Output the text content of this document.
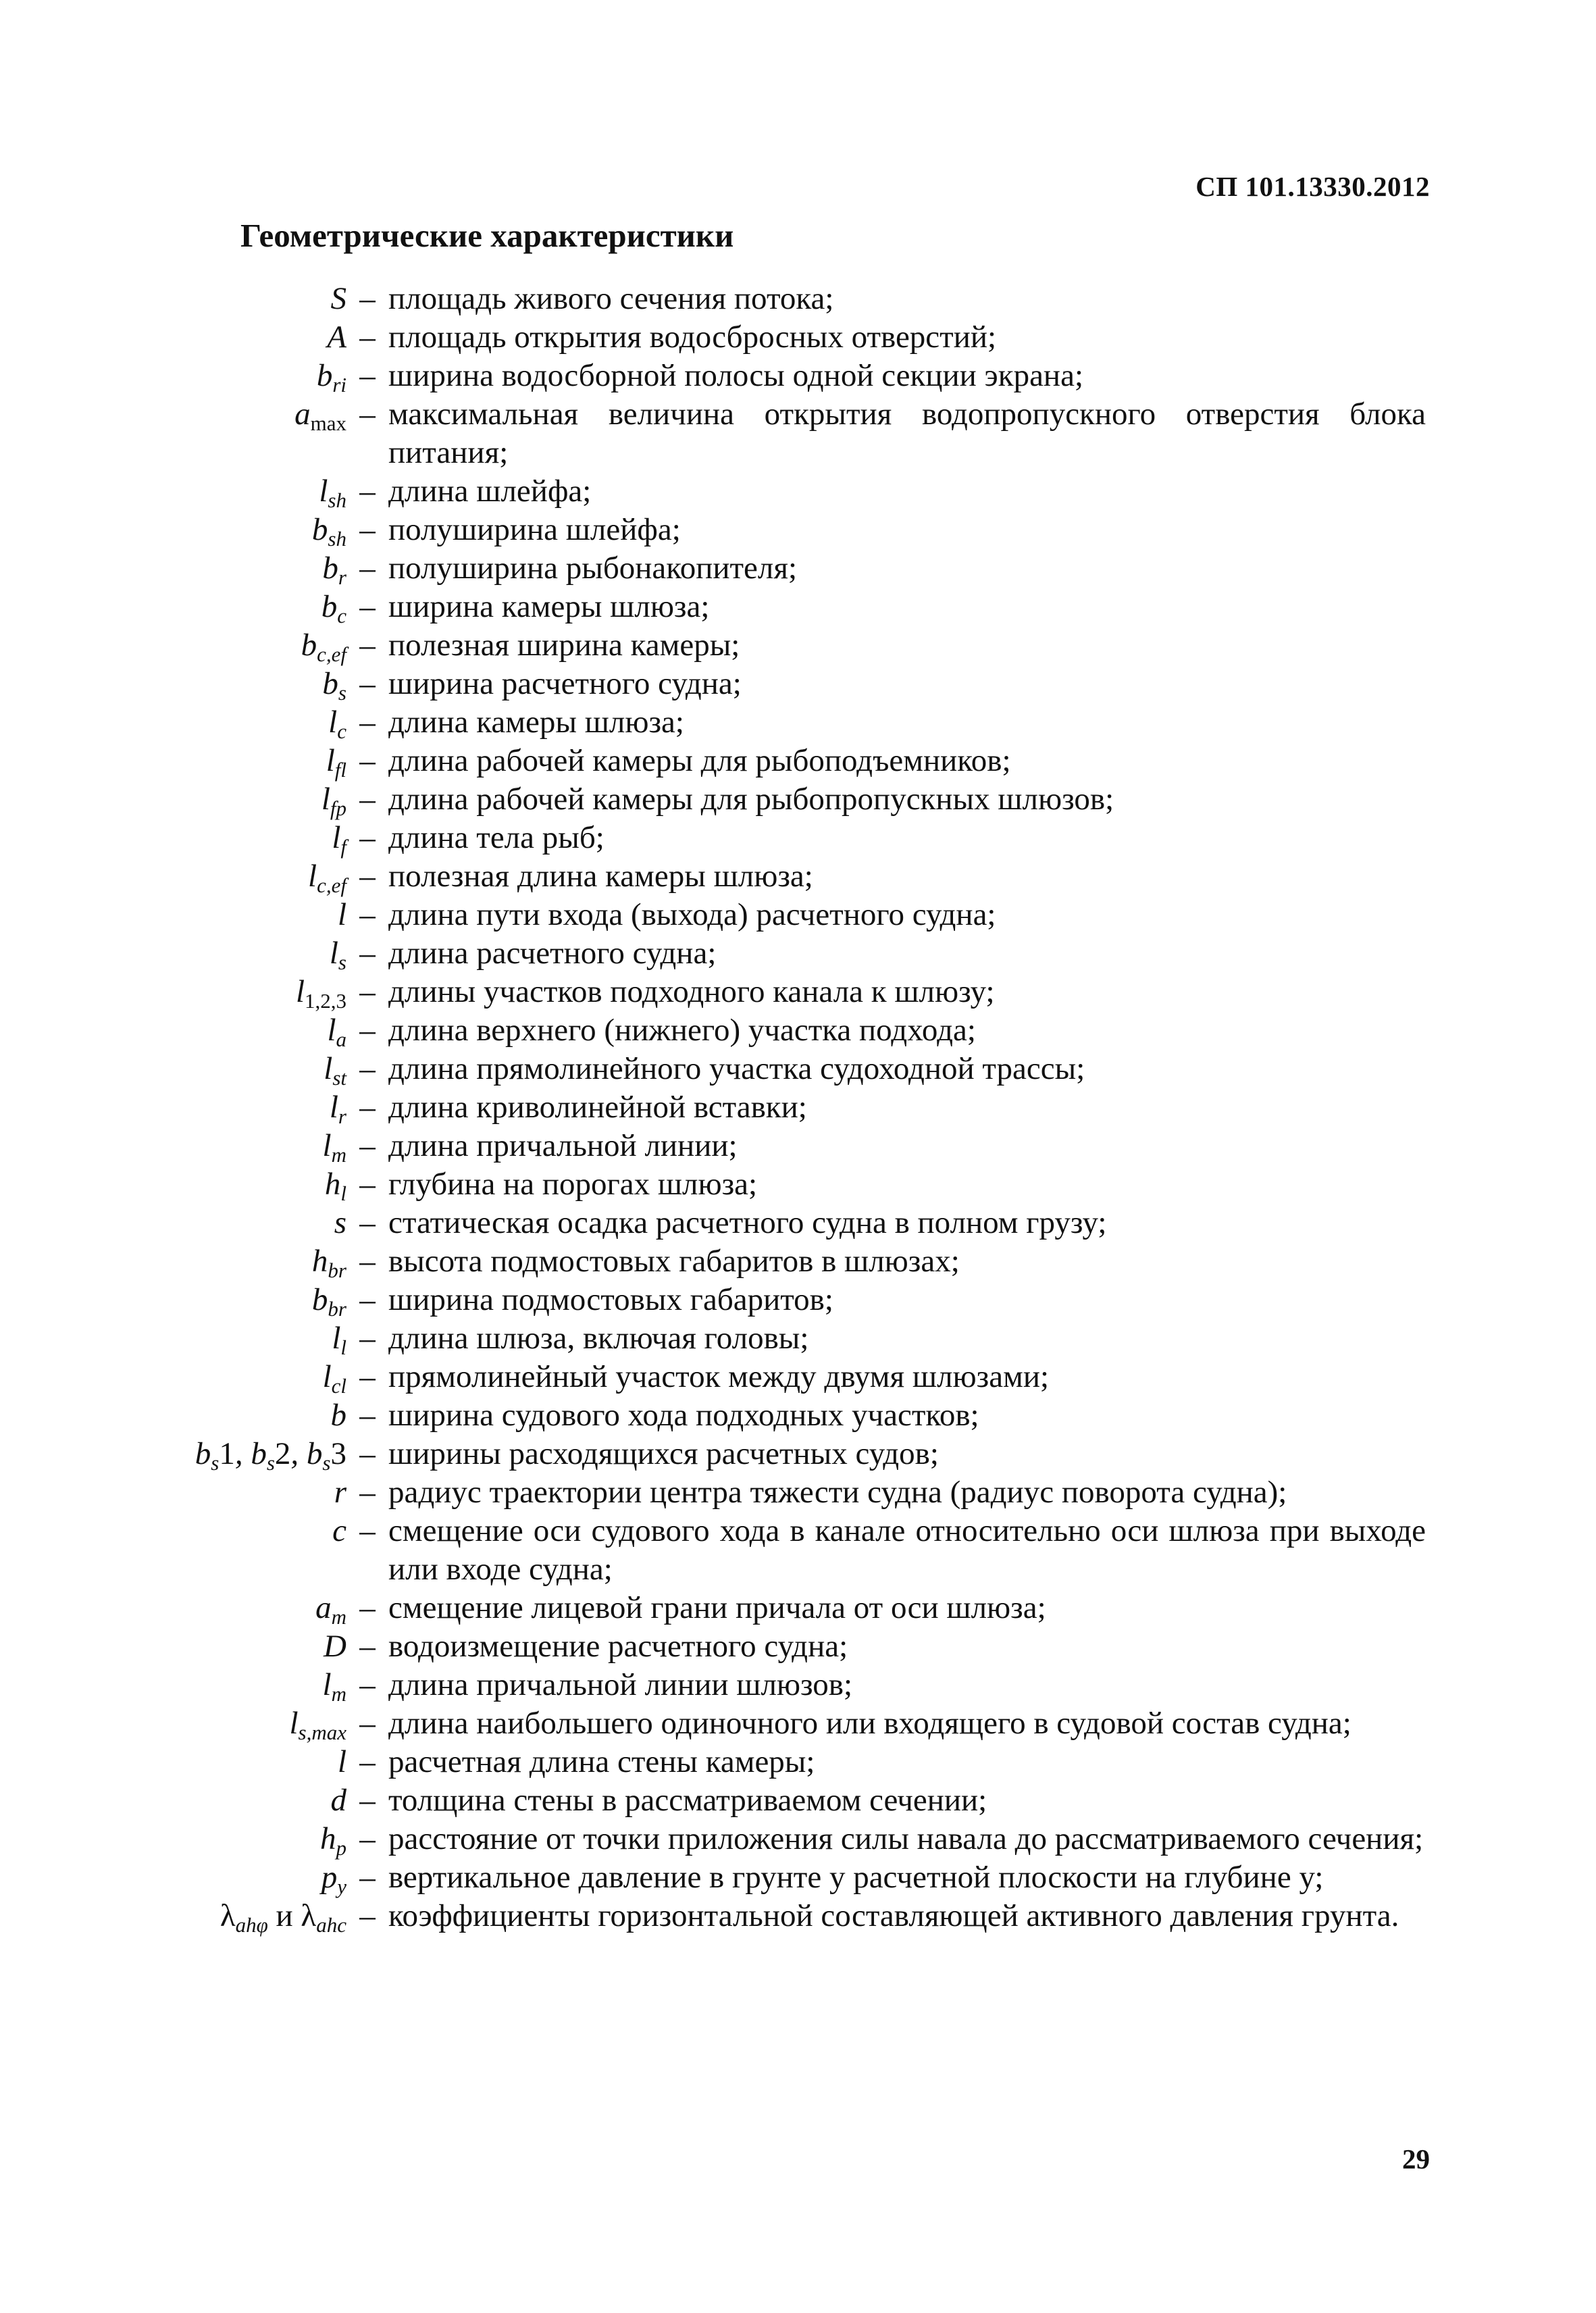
СП 101.13330.2012
Геометрические характеристики
S – площадь живого сечения потока;
A – площадь открытия водосбросных отверстий;
$b_{ri}$ – ширина водосборной полосы одной секции экрана;
$a_{max}$ – максимальная величина открытия водопропускного отверстия блока питания;
$l_{sh}$ – длина шлейфа;
$b_{sh}$ – полуширина шлейфа;
$b_r$ – полуширина рыбонакопителя;
$b_c$ – ширина камеры шлюза;
$b_{c,ef}$ – полезная ширина камеры;
$b_s$ – ширина расчетного судна;
$l_c$ – длина камеры шлюза;
$l_{fl}$ – длина рабочей камеры для рыбоподъемников;
$l_{fp}$ – длина рабочей камеры для рыбопропускных шлюзов;
$l_f$ – длина тела рыб;
$l_{c,ef}$ – полезная длина камеры шлюза;
l – длина пути входа (выхода) расчетного судна;
$l_s$ – длина расчетного судна;
$l_{1,2,3}$ – длины участков подходного канала к шлюзу;
$l_a$ – длина верхнего (нижнего) участка подхода;
$l_{st}$ – длина прямолинейного участка судоходной трассы;
$l_r$ – длина криволинейной вставки;
$l_m$ – длина причальной линии;
$h_l$ – глубина на порогах шлюза;
s – статическая осадка расчетного судна в полном грузу;
$h_{br}$ – высота подмостовых габаритов в шлюзах;
$b_{br}$ – ширина подмостовых габаритов;
$l_l$ – длина шлюза, включая головы;
$l_{cl}$ – прямолинейный участок между двумя шлюзами;
b – ширина судового хода подходных участков;
$b_s1$, $b_s2$, $b_s3$ – ширины расходящихся расчетных судов;
r – радиус траектории центра тяжести судна (радиус поворота судна);
c – смещение оси судового хода в канале относительно оси шлюза при выходе или входе судна;
$a_m$ – смещение лицевой грани причала от оси шлюза;
D – водоизмещение расчетного судна;
$l_m$ – длина причальной линии шлюзов;
$l_{s,max}$ – длина наибольшего одиночного или входящего в судовой состав судна;
l – расчетная длина стены камеры;
d – толщина стены в рассматриваемом сечении;
$h_p$ – расстояние от точки приложения силы навала до рассматриваемого сечения;
$p_y$ – вертикальное давление в грунте у расчетной плоскости на глубине у;
$\lambda_{ah\varphi}$ и $\lambda_{ahc}$ – коэффициенты горизонтальной составляющей активного давления грунта.
29
